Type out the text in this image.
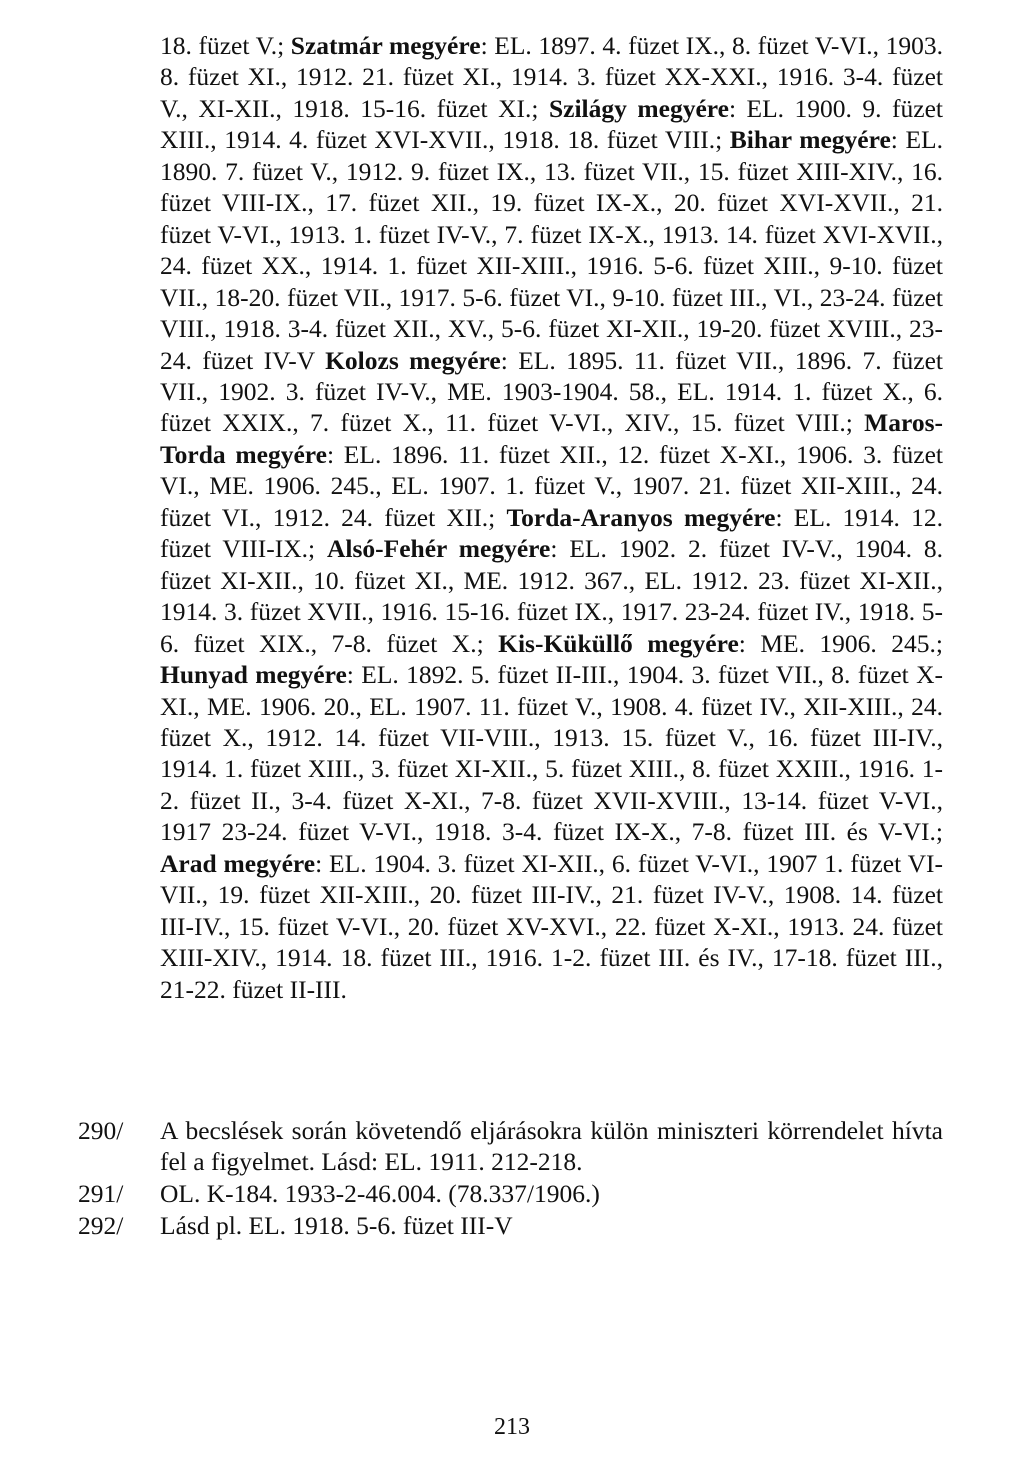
18. füzet V.; Szatmár megyére: EL. 1897. 4. füzet IX., 8. füzet V-VI., 1903. 8. füzet XI., 1912. 21. füzet XI., 1914. 3. füzet XX-XXI., 1916. 3-4. füzet V., XI-XII., 1918. 15-16. füzet XI.; Szilágy megyére: EL. 1900. 9. füzet XIII., 1914. 4. füzet XVI-XVII., 1918. 18. füzet VIII.; Bihar megyére: EL. 1890. 7. füzet V., 1912. 9. füzet IX., 13. füzet VII., 15. füzet XIII-XIV., 16. füzet VIII-IX., 17. füzet XII., 19. füzet IX-X., 20. füzet XVI-XVII., 21. füzet V-VI., 1913. 1. füzet IV-V., 7. füzet IX-X., 1913. 14. füzet XVI-XVII., 24. füzet XX., 1914. 1. füzet XII-XIII., 1916. 5-6. füzet XIII., 9-10. füzet VII., 18-20. füzet VII., 1917. 5-6. füzet VI., 9-10. füzet III., VI., 23-24. füzet VIII., 1918. 3-4. füzet XII., XV., 5-6. füzet XI-XII., 19-20. füzet XVIII., 23-24. füzet IV-V Kolozs megyére: EL. 1895. 11. füzet VII., 1896. 7. füzet VII., 1902. 3. füzet IV-V., ME. 1903-1904. 58., EL. 1914. 1. füzet X., 6. füzet XXIX., 7. füzet X., 11. füzet V-VI., XIV., 15. füzet VIII.; Maros-Torda megyére: EL. 1896. 11. füzet XII., 12. füzet X-XI., 1906. 3. füzet VI., ME. 1906. 245., EL. 1907. 1. füzet V., 1907. 21. füzet XII-XIII., 24. füzet VI., 1912. 24. füzet XII.; Torda-Aranyos megyére: EL. 1914. 12. füzet VIII-IX.; Alsó-Fehér megyére: EL. 1902. 2. füzet IV-V., 1904. 8. füzet XI-XII., 10. füzet XI., ME. 1912. 367., EL. 1912. 23. füzet XI-XII., 1914. 3. füzet XVII., 1916. 15-16. füzet IX., 1917. 23-24. füzet IV., 1918. 5-6. füzet XIX., 7-8. füzet X.; Kis-Küküllő megyére: ME. 1906. 245.; Hunyad megyére: EL. 1892. 5. füzet II-III., 1904. 3. füzet VII., 8. füzet X-XI., ME. 1906. 20., EL. 1907. 11. füzet V., 1908. 4. füzet IV., XII-XIII., 24. füzet X., 1912. 14. füzet VII-VIII., 1913. 15. füzet V., 16. füzet III-IV., 1914. 1. füzet XIII., 3. füzet XI-XII., 5. füzet XIII., 8. füzet XXIII., 1916. 1-2. füzet II., 3-4. füzet X-XI., 7-8. füzet XVII-XVIII., 13-14. füzet V-VI., 1917 23-24. füzet V-VI., 1918. 3-4. füzet IX-X., 7-8. füzet III. és V-VI.; Arad megyére: EL. 1904. 3. füzet XI-XII., 6. füzet V-VI., 1907 1. füzet VI-VII., 19. füzet XII-XIII., 20. füzet III-IV., 21. füzet IV-V., 1908. 14. füzet III-IV., 15. füzet V-VI., 20. füzet XV-XVI., 22. füzet X-XI., 1913. 24. füzet XIII-XIV., 1914. 18. füzet III., 1916. 1-2. füzet III. és IV., 17-18. füzet III., 21-22. füzet II-III.
290/ A becslések során követendő eljárásokra külön miniszteri körrendelet hívta fel a figyelmet. Lásd: EL. 1911. 212-218.
291/ OL. K-184. 1933-2-46.004. (78.337/1906.)
292/ Lásd pl. EL. 1918. 5-6. füzet III-V
213
